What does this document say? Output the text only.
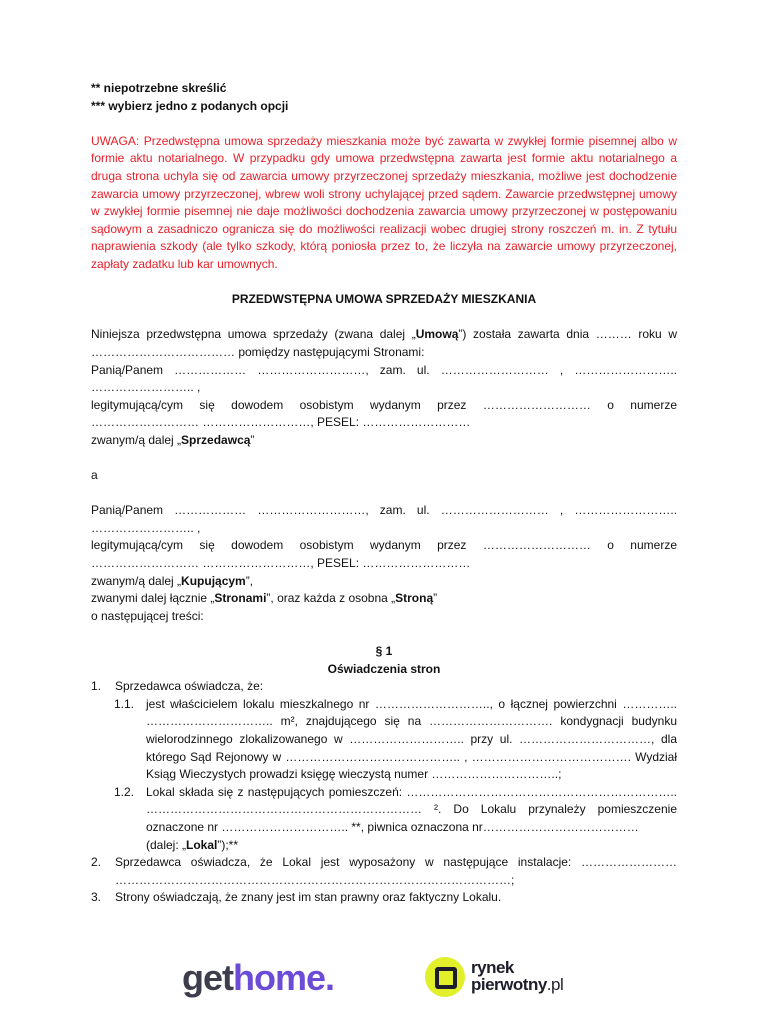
** niepotrzebne skreślić

*** wybierz jedno z podanych opcji

UWAGA: Przedwstępna umowa sprzedaży mieszkania może być zawarta w zwykłej formie pisemnej albo w formie aktu notarialnego. W przypadku gdy umowa przedwstępna zawarta jest formie aktu notarialnego a druga strona uchyla się od zawarcia umowy przyrzeczonej sprzedaży mieszkania, możliwe jest dochodzenie zawarcia umowy przyrzeczonej, wbrew woli strony uchylającej przed sądem. Zawarcie przedwstępnej umowy w zwykłej formie pisemnej nie daje możliwości dochodzenia zawarcia umowy przyrzeczonej w postępowaniu sądowym a zasadniczo ogranicza się do możliwości realizacji wobec drugiej strony roszczeń m. in. Z tytułu naprawienia szkody (ale tylko szkody, którą poniosła przez to, że liczyła na zawarcie umowy przyrzeczonej, zapłaty zadatku lub kar umownych.

PRZEDWSTĘPNA UMOWA SPRZEDAŻY MIESZKANIA

Niniejsza przedwstępna umowa sprzedaży (zwana dalej „Umową”) została zawarta dnia ……… roku w ……………………………… pomiędzy następującymi Stronami:

Panią/Panem ……………… ………………………, zam. ul. ……………………… , …………………….. …………………….. ,

legitymującą/cym się dowodem osobistym wydanym przez ……………………… o numerze ……………………… ………………………, PESEL: ………………………

zwanym/ą dalej „Sprzedawcą”

a

Panią/Panem ……………… ………………………, zam. ul. ……………………… , …………………….. …………………….. ,

legitymującą/cym się dowodem osobistym wydanym przez ……………………… o numerze ……………………… ………………………, PESEL: ………………………

zwanym/ą dalej „Kupującym”,

zwanymi dalej łącznie „Stronami”, oraz każda z osobna „Stroną”

o następującej treści:

§ 1

Oświadczenia stron

1.	Sprzedawca oświadcza, że:
1.1. jest właścicielem lokalu mieszkalnego nr ……………………….., o łącznej powierzchni ………….. ………………………….. m², znajdującego się na …………………………. kondygnacji budynku wielorodzinnego zlokalizowanego w ……………………….. przy ul. ……………………………, dla którego Sąd Rejonowy w …………………………………….. , …………………………………. Wydział Ksiąg Wieczystych prowadzi księgę wieczystą numer …………………………..;
1.2. Lokal składa się z następujących pomieszczeń: ………………………………………………………….. …………………………………………………………… ². Do Lokalu przynależy pomieszczenie oznaczone nr ………………………….. **, piwnica oznaczona nr…………………………………
(dalej: „Lokal”);**
2.	Sprzedawca oświadcza, że Lokal jest wyposażony w następujące instalacje: …………………… ………………………………………………………………………………………;
3.	Strony oświadczają, że znany jest im stan prawny oraz faktyczny Lokalu.
gethome.	rynek
pierwotny.pl
